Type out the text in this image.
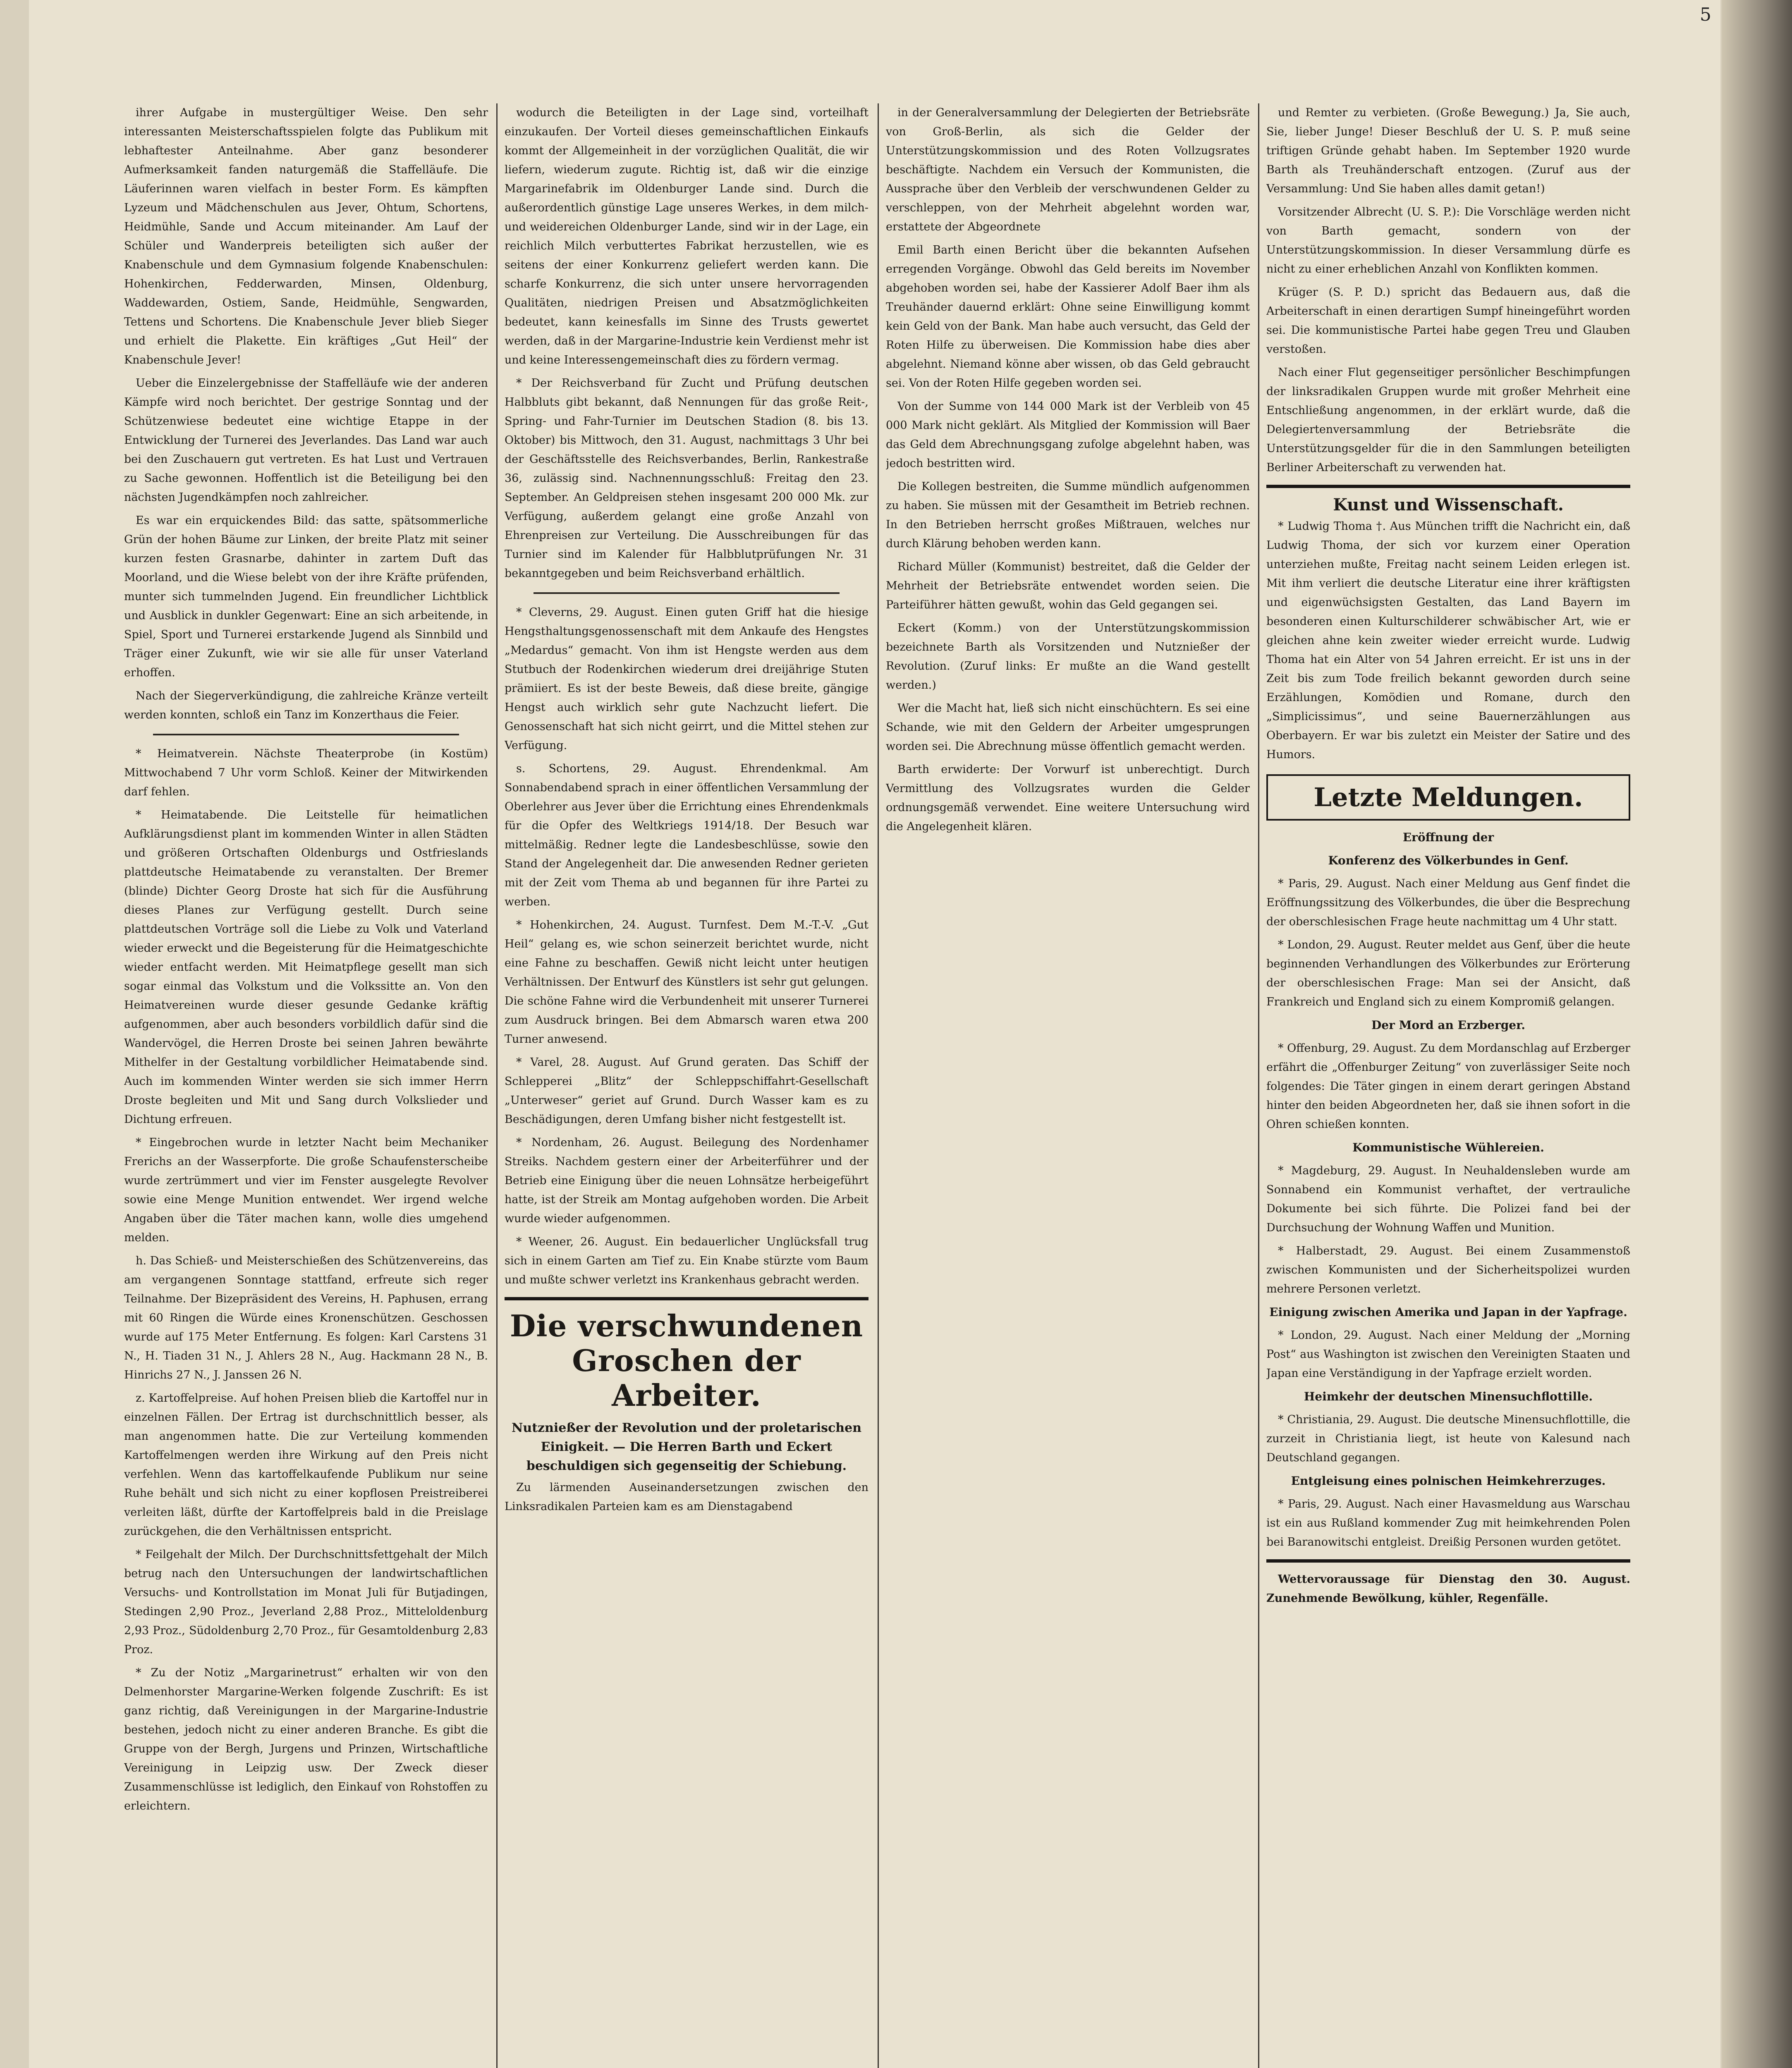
5

ihrer Aufgabe in mustergültiger Weise. Den sehr interessanten Meisterschaftsspielen folgte das Publikum mit lebhaftester Anteilnahme. Aber ganz besonderer Aufmerksamkeit fanden naturgemäß die Staffelläufe. Die Läuferinnen waren vielfach in bester Form. Es kämpften Lyzeum und Mädchenschulen aus Jever, Ohtum, Schortens, Heidmühle, Sande und Accum miteinander. Am Lauf der Schüler und Wanderpreis beteiligten sich außer der Knabenschule und dem Gymnasium folgende Knabenschulen: Hohenkirchen, Fedderwarden, Minsen, Oldenburg, Waddewarden, Ostiem, Sande, Heidmühle, Sengwarden, Tettens und Schortens. Die Knabenschule Jever blieb Sieger und erhielt die Plakette. Ein kräftiges „Gut Heil“ der Knabenschule Jever!

Ueber die Einzelergebnisse der Staffelläufe wie der anderen Kämpfe wird noch berichtet. Der gestrige Sonntag und der Schützenwiese bedeutet eine wichtige Etappe in der Entwicklung der Turnerei des Jeverlandes. Das Land war auch bei den Zuschauern gut vertreten. Es hat Lust und Vertrauen zu Sache gewonnen. Hoffentlich ist die Beteiligung bei den nächsten Jugendkämpfen noch zahlreicher.

Es war ein erquickendes Bild: das satte, spätsommerliche Grün der hohen Bäume zur Linken, der breite Platz mit seiner kurzen festen Grasnarbe, dahinter in zartem Duft das Moorland, und die Wiese belebt von der ihre Kräfte prüfenden, munter sich tummelnden Jugend. Ein freundlicher Lichtblick und Ausblick in dunkler Gegenwart: Eine an sich arbeitende, in Spiel, Sport und Turnerei erstarkende Jugend als Sinnbild und Träger einer Zukunft, wie wir sie alle für unser Vaterland erhoffen.

Nach der Siegerverkündigung, die zahlreiche Kränze verteilt werden konnten, schloß ein Tanz im Konzerthaus die Feier.

* Heimatverein. Nächste Theaterprobe (in Kostüm) Mittwochabend 7 Uhr vorm Schloß. Keiner der Mitwirkenden darf fehlen.

* Heimatabende. Die Leitstelle für heimatlichen Aufklärungsdienst plant im kommenden Winter in allen Städten und größeren Ortschaften Oldenburgs und Ostfrieslands plattdeutsche Heimatabende zu veranstalten. Der Bremer (blinde) Dichter Georg Droste hat sich für die Ausführung dieses Planes zur Verfügung gestellt. Durch seine plattdeutschen Vorträge soll die Liebe zu Volk und Vaterland wieder erweckt und die Begeisterung für die Heimatgeschichte wieder entfacht werden. Mit Heimatpflege gesellt man sich sogar einmal das Volkstum und die Volkssitte an. Von den Heimatvereinen wurde dieser gesunde Gedanke kräftig aufgenommen, aber auch besonders vorbildlich dafür sind die Wandervögel, die Herren Droste bei seinen Jahren bewährte Mithelfer in der Gestaltung vorbildlicher Heimatabende sind. Auch im kommenden Winter werden sie sich immer Herrn Droste begleiten und Mit und Sang durch Volkslieder und Dichtung erfreuen.

* Eingebrochen wurde in letzter Nacht beim Mechaniker Frerichs an der Wasserpforte. Die große Schaufensterscheibe wurde zertrümmert und vier im Fenster ausgelegte Revolver sowie eine Menge Munition entwendet. Wer irgend welche Angaben über die Täter machen kann, wolle dies umgehend melden.

h. Das Schieß- und Meisterschießen des Schützenvereins, das am vergangenen Sonntage stattfand, erfreute sich reger Teilnahme. Der Bizepräsident des Vereins, H. Paphusen, errang mit 60 Ringen die Würde eines Kronenschützen. Geschossen wurde auf 175 Meter Entfernung. Es folgen: Karl Carstens 31 N., H. Tiaden 31 N., J. Ahlers 28 N., Aug. Hackmann 28 N., B. Hinrichs 27 N., J. Janssen 26 N.

z. Kartoffelpreise. Auf hohen Preisen blieb die Kartoffel nur in einzelnen Fällen. Der Ertrag ist durchschnittlich besser, als man angenommen hatte. Die zur Verteilung kommenden Kartoffelmengen werden ihre Wirkung auf den Preis nicht verfehlen. Wenn das kartoffelkaufende Publikum nur seine Ruhe behält und sich nicht zu einer kopflosen Preistreiberei verleiten läßt, dürfte der Kartoffelpreis bald in die Preislage zurückgehen, die den Verhältnissen entspricht.

* Feilgehalt der Milch. Der Durchschnittsfettgehalt der Milch betrug nach den Untersuchungen der landwirtschaftlichen Versuchs- und Kontrollstation im Monat Juli für Butjadingen, Stedingen 2,90 Proz., Jeverland 2,88 Proz., Mitteloldenburg 2,93 Proz., Südoldenburg 2,70 Proz., für Gesamtoldenburg 2,83 Proz.

* Zu der Notiz „Margarinetrust“ erhalten wir von den Delmenhorster Margarine-Werken folgende Zuschrift: Es ist ganz richtig, daß Vereinigungen in der Margarine-Industrie bestehen, jedoch nicht zu einer anderen Branche. Es gibt die Gruppe von der Bergh, Jurgens und Prinzen, Wirtschaftliche Vereinigung in Leipzig usw. Der Zweck dieser Zusammenschlüsse ist lediglich, den Einkauf von Rohstoffen zu erleichtern.

wodurch die Beteiligten in der Lage sind, vorteilhaft einzukaufen. Der Vorteil dieses gemeinschaftlichen Einkaufs kommt der Allgemeinheit in der vorzüglichen Qualität, die wir liefern, wiederum zugute. Richtig ist, daß wir die einzige Margarinefabrik im Oldenburger Lande sind. Durch die außerordentlich günstige Lage unseres Werkes, in dem milch- und weidereichen Oldenburger Lande, sind wir in der Lage, ein reichlich Milch verbuttertes Fabrikat herzustellen, wie es seitens der einer Konkurrenz geliefert werden kann. Die scharfe Konkurrenz, die sich unter unsere hervorragenden Qualitäten, niedrigen Preisen und Absatzmöglichkeiten bedeutet, kann keinesfalls im Sinne des Trusts gewertet werden, daß in der Margarine-Industrie kein Verdienst mehr ist und keine Interessengemeinschaft dies zu fördern vermag.

* Der Reichsverband für Zucht und Prüfung deutschen Halbbluts gibt bekannt, daß Nennungen für das große Reit-, Spring- und Fahr-Turnier im Deutschen Stadion (8. bis 13. Oktober) bis Mittwoch, den 31. August, nachmittags 3 Uhr bei der Geschäftsstelle des Reichsverbandes, Berlin, Rankestraße 36, zulässig sind. Nachnennungsschluß: Freitag den 23. September. An Geldpreisen stehen insgesamt 200 000 Mk. zur Verfügung, außerdem gelangt eine große Anzahl von Ehrenpreisen zur Verteilung. Die Ausschreibungen für das Turnier sind im Kalender für Halbblutprüfungen Nr. 31 bekanntgegeben und beim Reichsverband erhältlich.

* Cleverns, 29. August. Einen guten Griff hat die hiesige Hengsthaltungsgenossenschaft mit dem Ankaufe des Hengstes „Medardus“ gemacht. Von ihm ist Hengste werden aus dem Stutbuch der Rodenkirchen wiederum drei dreijährige Stuten prämiiert. Es ist der beste Beweis, daß diese breite, gängige Hengst auch wirklich sehr gute Nachzucht liefert. Die Genossenschaft hat sich nicht geirrt, und die Mittel stehen zur Verfügung.

s. Schortens, 29. August. Ehrendenkmal. Am Sonnabendabend sprach in einer öffentlichen Versammlung der Oberlehrer aus Jever über die Errichtung eines Ehrendenkmals für die Opfer des Weltkriegs 1914/18. Der Besuch war mittelmäßig. Redner legte die Landesbeschlüsse, sowie den Stand der Angelegenheit dar. Die anwesenden Redner gerieten mit der Zeit vom Thema ab und begannen für ihre Partei zu werben.

* Hohenkirchen, 24. August. Turnfest. Dem M.-T.-V. „Gut Heil“ gelang es, wie schon seinerzeit berichtet wurde, nicht eine Fahne zu beschaffen. Gewiß nicht leicht unter heutigen Verhältnissen. Der Entwurf des Künstlers ist sehr gut gelungen. Die schöne Fahne wird die Verbundenheit mit unserer Turnerei zum Ausdruck bringen. Bei dem Abmarsch waren etwa 200 Turner anwesend.

* Varel, 28. August. Auf Grund geraten. Das Schiff der Schlepperei „Blitz“ der Schleppschiffahrt-Gesellschaft „Unterweser“ geriet auf Grund. Durch Wasser kam es zu Beschädigungen, deren Umfang bisher nicht festgestellt ist.

* Nordenham, 26. August. Beilegung des Nordenhamer Streiks. Nachdem gestern einer der Arbeiterführer und der Betrieb eine Einigung über die neuen Lohnsätze herbeigeführt hatte, ist der Streik am Montag aufgehoben worden. Die Arbeit wurde wieder aufgenommen.

* Weener, 26. August. Ein bedauerlicher Unglücksfall trug sich in einem Garten am Tief zu. Ein Knabe stürzte vom Baum und mußte schwer verletzt ins Krankenhaus gebracht werden.

Die verschwundenen Groschen der Arbeiter.
Nutznießer der Revolution und der proletarischen Einigkeit. — Die Herren Barth und Eckert beschuldigen sich gegenseitig der Schiebung.

Zu lärmenden Auseinandersetzungen zwischen den Linksradikalen Parteien kam es am Dienstagabend

in der Generalversammlung der Delegierten der Betriebsräte von Groß-Berlin, als sich die Gelder der Unterstützungskommission und des Roten Vollzugsrates beschäftigte. Nachdem ein Versuch der Kommunisten, die Aussprache über den Verbleib der verschwundenen Gelder zu verschleppen, von der Mehrheit abgelehnt worden war, erstattete der Abgeordnete

Emil Barth einen Bericht über die bekannten Aufsehen erregenden Vorgänge. Obwohl das Geld bereits im November abgehoben worden sei, habe der Kassierer Adolf Baer ihm als Treuhänder dauernd erklärt: Ohne seine Einwilligung kommt kein Geld von der Bank. Man habe auch versucht, das Geld der Roten Hilfe zu überweisen. Die Kommission habe dies aber abgelehnt. Niemand könne aber wissen, ob das Geld gebraucht sei. Von der Roten Hilfe gegeben worden sei.

Von der Summe von 144 000 Mark ist der Verbleib von 45 000 Mark nicht geklärt. Als Mitglied der Kommission will Baer das Geld dem Abrechnungsgang zufolge abgelehnt haben, was jedoch bestritten wird.

Die Kollegen bestreiten, die Summe mündlich aufgenommen zu haben. Sie müssen mit der Gesamtheit im Betrieb rechnen. In den Betrieben herrscht großes Mißtrauen, welches nur durch Klärung behoben werden kann.

Richard Müller (Kommunist) bestreitet, daß die Gelder der Mehrheit der Betriebsräte entwendet worden seien. Die Parteiführer hätten gewußt, wohin das Geld gegangen sei.

Eckert (Komm.) von der Unterstützungskommission bezeichnete Barth als Vorsitzenden und Nutznießer der Revolution. (Zuruf links: Er mußte an die Wand gestellt werden.)

Wer die Macht hat, ließ sich nicht einschüchtern. Es sei eine Schande, wie mit den Geldern der Arbeiter umgesprungen worden sei. Die Abrechnung müsse öffentlich gemacht werden.

Barth erwiderte: Der Vorwurf ist unberechtigt. Durch Vermittlung des Vollzugsrates wurden die Gelder ordnungsgemäß verwendet. Eine weitere Untersuchung wird die Angelegenheit klären.

und Remter zu verbieten. (Große Bewegung.) Ja, Sie auch, Sie, lieber Junge! Dieser Beschluß der U. S. P. muß seine triftigen Gründe gehabt haben. Im September 1920 wurde Barth als Treuhänderschaft entzogen. (Zuruf aus der Versammlung: Und Sie haben alles damit getan!)

Vorsitzender Albrecht (U. S. P.): Die Vorschläge werden nicht von Barth gemacht, sondern von der Unterstützungskommission. In dieser Versammlung dürfe es nicht zu einer erheblichen Anzahl von Konflikten kommen.

Krüger (S. P. D.) spricht das Bedauern aus, daß die Arbeiterschaft in einen derartigen Sumpf hineingeführt worden sei. Die kommunistische Partei habe gegen Treu und Glauben verstoßen.

Nach einer Flut gegenseitiger persönlicher Beschimpfungen der linksradikalen Gruppen wurde mit großer Mehrheit eine Entschließung angenommen, in der erklärt wurde, daß die Delegiertenversammlung der Betriebsräte die Unterstützungsgelder für die in den Sammlungen beteiligten Berliner Arbeiterschaft zu verwenden hat.

Kunst und Wissenschaft.

* Ludwig Thoma †. Aus München trifft die Nachricht ein, daß Ludwig Thoma, der sich vor kurzem einer Operation unterziehen mußte, Freitag nacht seinem Leiden erlegen ist. Mit ihm verliert die deutsche Literatur eine ihrer kräftigsten und eigenwüchsigsten Gestalten, das Land Bayern im besonderen einen Kulturschilderer schwäbischer Art, wie er gleichen ahne kein zweiter wieder erreicht wurde. Ludwig Thoma hat ein Alter von 54 Jahren erreicht. Er ist uns in der Zeit bis zum Tode freilich bekannt geworden durch seine Erzählungen, Komödien und Romane, durch den „Simplicissimus“, und seine Bauernerzählungen aus Oberbayern. Er war bis zuletzt ein Meister der Satire und des Humors.

Letzte Meldungen.
Eröffnung der
Konferenz des Völkerbundes in Genf.

* Paris, 29. August. Nach einer Meldung aus Genf findet die Eröffnungssitzung des Völkerbundes, die über die Besprechung der oberschlesischen Frage heute nachmittag um 4 Uhr statt.

* London, 29. August. Reuter meldet aus Genf, über die heute beginnenden Verhandlungen des Völkerbundes zur Erörterung der oberschlesischen Frage: Man sei der Ansicht, daß Frankreich und England sich zu einem Kompromiß gelangen.

Der Mord an Erzberger.

* Offenburg, 29. August. Zu dem Mordanschlag auf Erzberger erfährt die „Offenburger Zeitung“ von zuverlässiger Seite noch folgendes: Die Täter gingen in einem derart geringen Abstand hinter den beiden Abgeordneten her, daß sie ihnen sofort in die Ohren schießen konnten.

Kommunistische Wühlereien.

* Magdeburg, 29. August. In Neuhaldensleben wurde am Sonnabend ein Kommunist verhaftet, der vertrauliche Dokumente bei sich führte. Die Polizei fand bei der Durchsuchung der Wohnung Waffen und Munition.

* Halberstadt, 29. August. Bei einem Zusammenstoß zwischen Kommunisten und der Sicherheitspolizei wurden mehrere Personen verletzt.

Einigung zwischen Amerika und Japan in der Yapfrage.

* London, 29. August. Nach einer Meldung der „Morning Post“ aus Washington ist zwischen den Vereinigten Staaten und Japan eine Verständigung in der Yapfrage erzielt worden.

Heimkehr der deutschen Minensuchflottille.

* Christiania, 29. August. Die deutsche Minensuchflottille, die zurzeit in Christiania liegt, ist heute von Kalesund nach Deutschland gegangen.

Entgleisung eines polnischen Heimkehrerzuges.

* Paris, 29. August. Nach einer Havasmeldung aus Warschau ist ein aus Rußland kommender Zug mit heimkehrenden Polen bei Baranowitschi entgleist. Dreißig Personen wurden getötet.

Wettervoraussage für Dienstag den 30. August. Zunehmende Bewölkung, kühler, Regenfälle.
